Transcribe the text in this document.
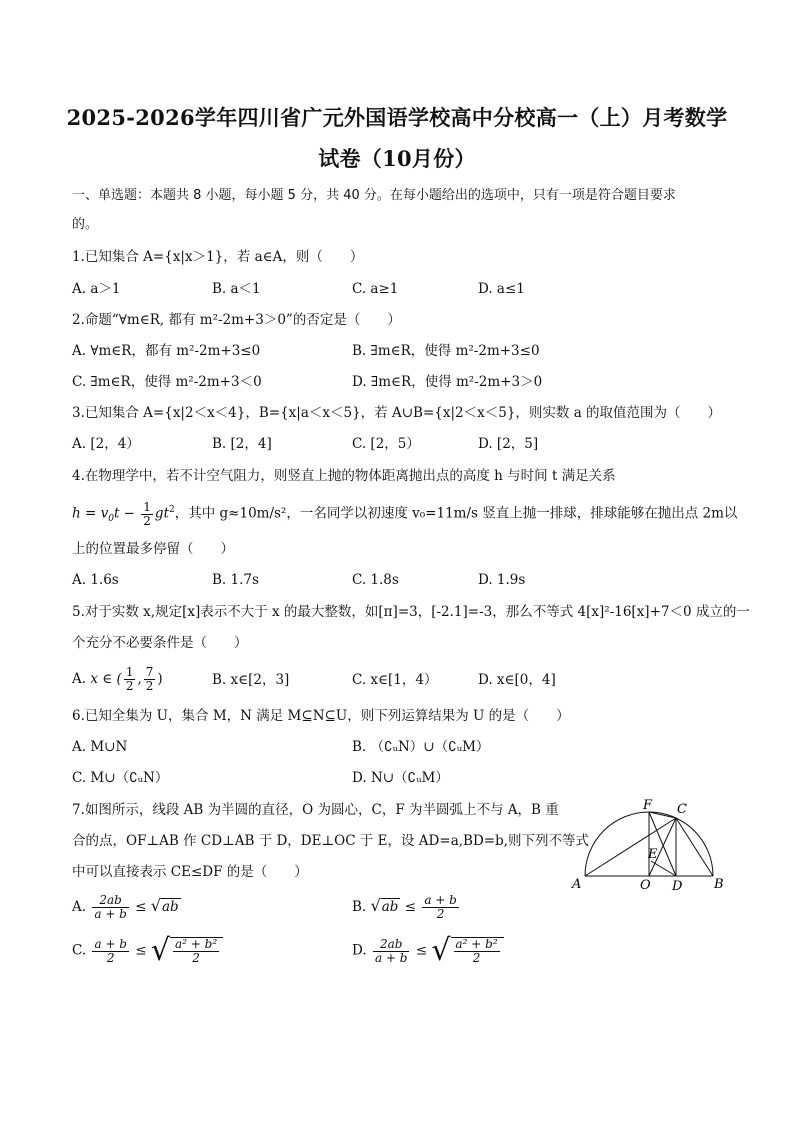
2025-2026学年四川省广元外国语学校高中分校高一（上）月考数学
试卷（10月份）
一、单选题：本题共 8 小题，每小题 5 分，共 40 分。在每小题给出的选项中，只有一项是符合题目要求
的。
1.已知集合 A={x|x＞1}，若 a∈A，则（　　）
A. a＞1	B. a＜1	C. a≥1	D. a≤1
2.命题“∀m∈R, 都有 m²-2m+3＞0”的否定是（　　）
A. ∀m∈R，都有 m²-2m+3≤0	B. ∃m∈R，使得 m²-2m+3≤0
C. ∃m∈R，使得 m²-2m+3＜0	D. ∃m∈R，使得 m²-2m+3＞0
3.已知集合 A={x|2＜x＜4}，B={x|a＜x＜5}，若 A∪B={x|2＜x＜5}，则实数 a 的取值范围为（　　）
A. [2，4）	B. [2，4]	C. [2，5）	D. [2，5]
4.在物理学中，若不计空气阻力，则竖直上抛的物体距离抛出点的高度 h 与时间 t 满足关系
$h = v_0t - \frac{1}{2} gt^2$，其中 g≈10m/s²，一名同学以初速度 v₀=11m/s 竖直上抛一排球，排球能够在抛出点 2m以
上的位置最多停留（　　）
A. 1.6s	B. 1.7s	C. 1.8s	D. 1.9s
5.对于实数 x,规定[x]表示不大于 x 的最大整数，如[π]=3，[-2.1]=-3，那么不等式 4[x]²-16[x]+7＜0 成立的一
个充分不必要条件是（　　）
A. x ∈ ( $\frac{1}{2}$ , $\frac{7}{2}$ )	B. x∈[2，3]	C. x∈[1，4）	D. x∈[0，4]
6.已知全集为 U，集合 M，N 满足 M⊆N⊆U，则下列运算结果为 U 的是（　　）
A. M∪N	B. （∁ᵤN）∪（∁ᵤM）
C. M∪（∁ᵤN）	D. N∪（∁ᵤM）
7.如图所示，线段 AB 为半圆的直径，O 为圆心，C，F 为半圆弧上不与 A，B 重
合的点，OF⊥AB 作 CD⊥AB 于 D，DE⊥OC 于 E，设 AD=a,BD=b,则下列不等式
中可以直接表示 CE≤DF 的是（　　）
A. $\frac{2ab}{a + b} \le √ab$	B. $√ab \le \frac{a + b}{2}$
C. $\frac{a + b}{2}$ ≤ √ $\frac{\text{a² + b²}}{2}$	D. $\frac{2ab}{a + b}$ ≤ √ $\frac{\text{a² + b²}}{2}$
A	O D B
F C
E
